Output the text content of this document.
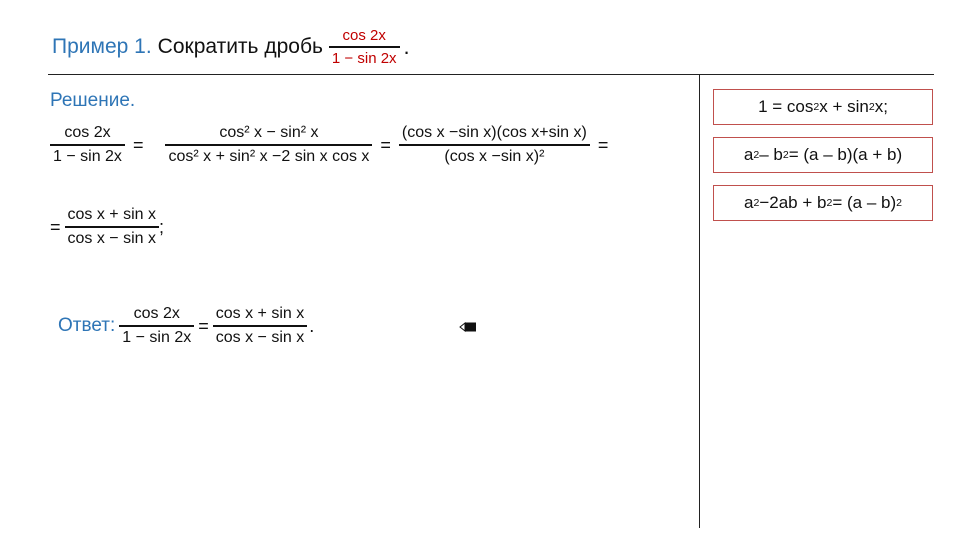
Пример 1. Сократить дробь $\frac{\cos 2x}{1 - \sin 2x}$ .
Решение.
$\frac{\cos 2x}{1 - \sin 2x} = \frac{\text{cos² x − sin² x}}{\text{cos² x + sin² x −2 sin x cos x}} = \frac{\text{(cos x −sin x)(cos x+sin x)}}{\text{(cos x −sin x)²}}$ =
= $\frac{\text{cos x + sin x}}{\text{cos x − sin x}}$ ;
Ответ: $\frac{\cos 2x}{1 - \sin 2x} = \frac{\text{cos x + sin x}}{\text{cos x − sin x}}$ .
1 = cos 2 x + sin 2 x;
a 2 – b 2 = (a – b)(a + b)
a 2 −2ab + b 2 = (a – b) 2
